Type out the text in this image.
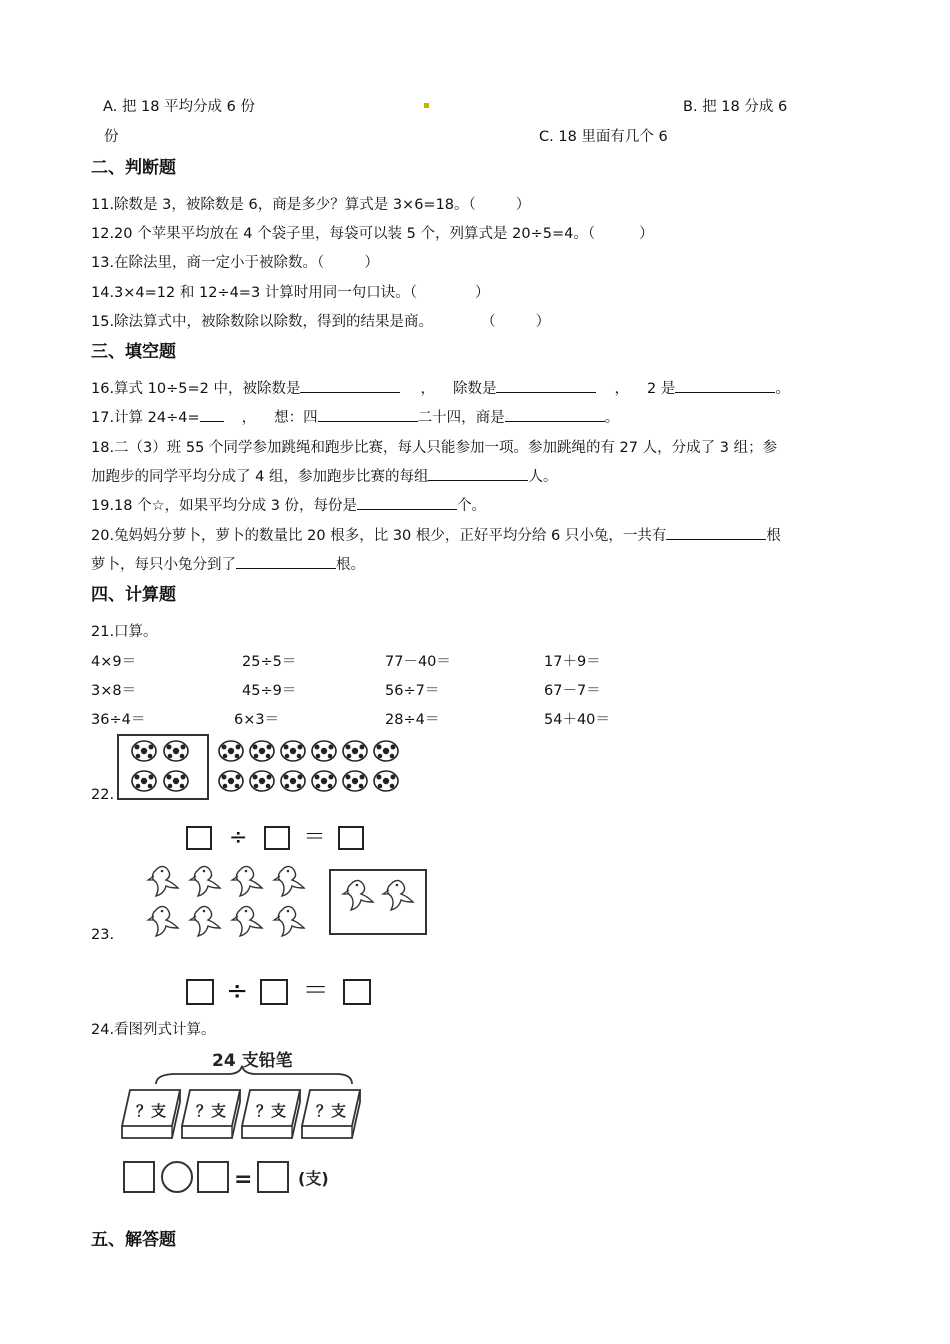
A. 把 18 平均分成 6 份	B. 把 18 分成 6
份	C. 18 里面有几个 6
二、判断题
11.除数是 3，被除数是 6，商是多少？算式是 3×6=18。（	）
12.20 个苹果平均放在 4 个袋子里，每袋可以装 5 个，列算式是 20÷5=4。（	）
13.在除法里，商一定小于被除数。（	）
14.3×4=12 和 12÷4=3 计算时用同一句口诀。（	）
15.除法算式中，被除数除以除数，得到的结果是商。	（	）
三、填空题
16.算式 10÷5=2 中，被除数是	， 除数是	， 2 是	。
17.计算 24÷4=	， 想：四	二十四，商是	。
18.二（3）班 55 个同学参加跳绳和跑步比赛，每人只能参加一项。参加跳绳的有 27 人，分成了 3 组；参
加跑步的同学平均分成了 4 组，参加跑步比赛的每组	人。
19.18 个☆，如果平均分成 3 份，每份是	个。
20.兔妈妈分萝卜，萝卜的数量比 20 根多，比 30 根少，正好平均分给 6 只小兔，一共有	根
萝卜，每只小兔分到了	根。
四、计算题
21.口算。
4×9＝	25÷5＝	77－40＝	17＋9＝
3×8＝	45÷9＝	56÷7＝	67－7＝
36÷4＝	6×3＝	28÷4＝	54＋40＝
22.
÷	＝
23.
÷ ＝
24.看图列式计算。
24 支铅笔
？支 ？支 ？支 ？支
=	(支)
五、解答题
